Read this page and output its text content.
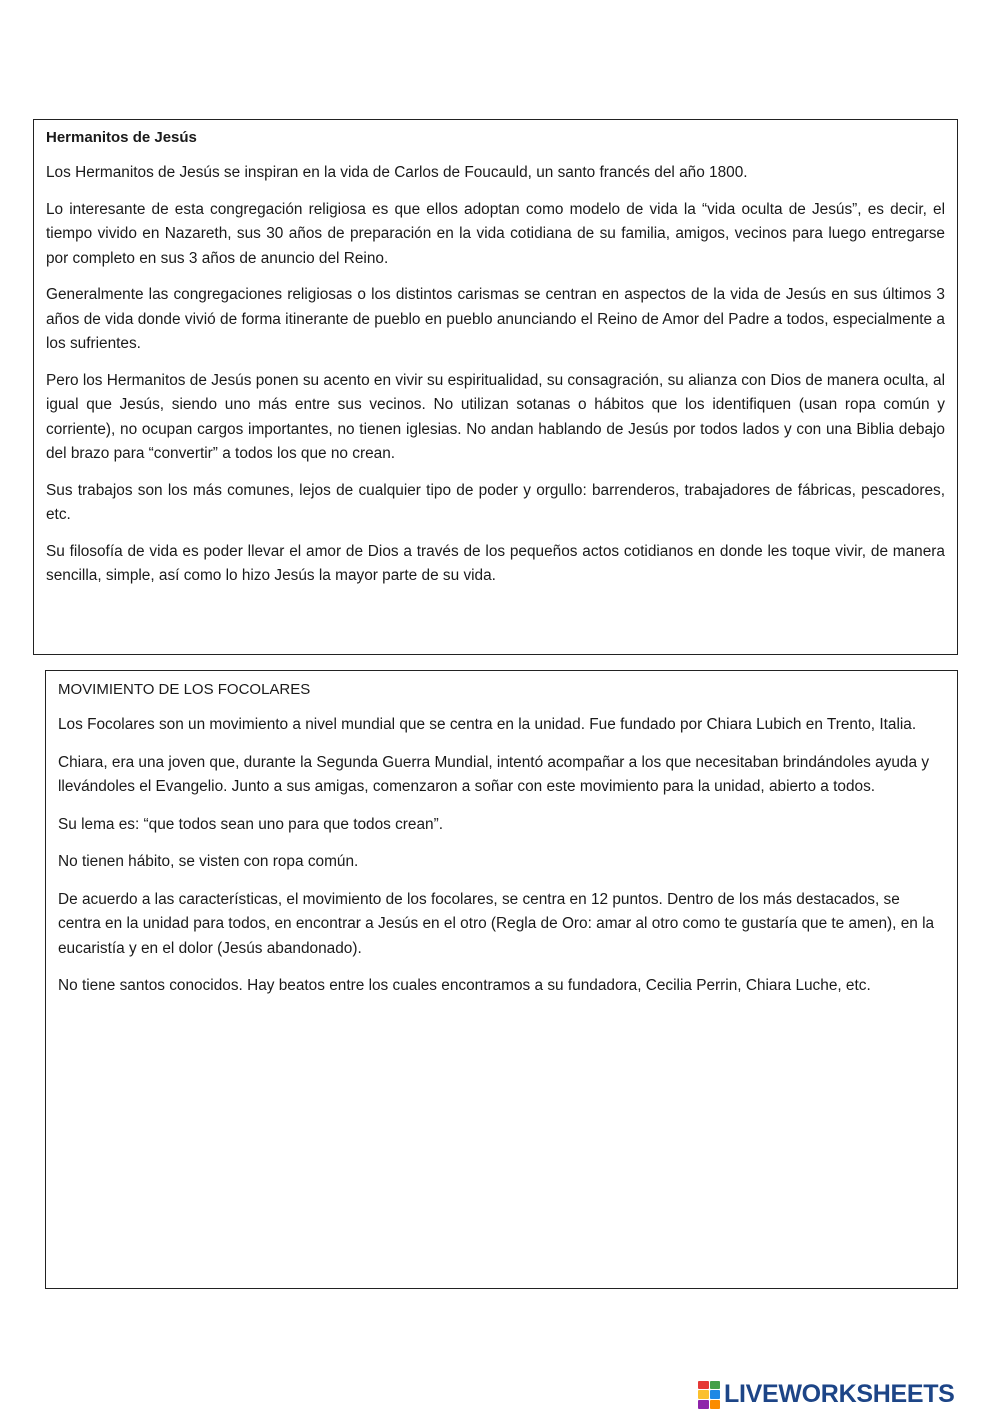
Hermanitos de Jesús

Los Hermanitos de Jesús se inspiran en la vida de Carlos de Foucauld, un santo francés del año 1800.

Lo interesante de esta congregación religiosa es que ellos adoptan como modelo de vida la “vida oculta de Jesús”, es decir, el tiempo vivido en Nazareth, sus 30 años de preparación en la vida cotidiana de su familia, amigos, vecinos para luego entregarse por completo en sus 3 años de anuncio del Reino.

Generalmente las congregaciones religiosas o los distintos carismas se centran en aspectos de la vida de Jesús en sus últimos 3 años de vida donde vivió de forma itinerante de pueblo en pueblo anunciando el Reino de Amor del Padre a todos, especialmente a los sufrientes.

Pero los Hermanitos de Jesús ponen su acento en vivir su espiritualidad, su consagración, su alianza con Dios de manera oculta, al igual que Jesús, siendo uno más entre sus vecinos. No utilizan sotanas o hábitos que los identifiquen (usan ropa común y corriente), no ocupan cargos importantes, no tienen iglesias. No andan hablando de Jesús por todos lados y con una Biblia debajo del brazo para “convertir” a todos los que no crean.

Sus trabajos son los más comunes, lejos de cualquier tipo de poder y orgullo: barrenderos, trabajadores de fábricas, pescadores, etc.

Su filosofía de vida es poder llevar el amor de Dios a través de los pequeños actos cotidianos en donde les toque vivir, de manera sencilla, simple, así como lo hizo Jesús la mayor parte de su vida.

MOVIMIENTO DE LOS FOCOLARES

Los Focolares son un movimiento a nivel mundial que se centra en la unidad. Fue fundado por Chiara Lubich en Trento, Italia.

Chiara, era una joven que, durante la Segunda Guerra Mundial, intentó acompañar a los que necesitaban brindándoles ayuda y llevándoles el Evangelio. Junto a sus amigas, comenzaron a soñar con este movimiento para la unidad, abierto a todos.

Su lema es: “que todos sean uno para que todos crean”.

No tienen hábito, se visten con ropa común.

De acuerdo a las características, el movimiento de los focolares, se centra en 12 puntos. Dentro de los más destacados, se centra en la unidad para todos, en encontrar a Jesús en el otro (Regla de Oro: amar al otro como te gustaría que te amen), en la eucaristía y en el dolor (Jesús abandonado).

No tiene santos conocidos. Hay beatos entre los cuales encontramos a su fundadora, Cecilia Perrin, Chiara Luche, etc.

LIVEWORKSHEETS
